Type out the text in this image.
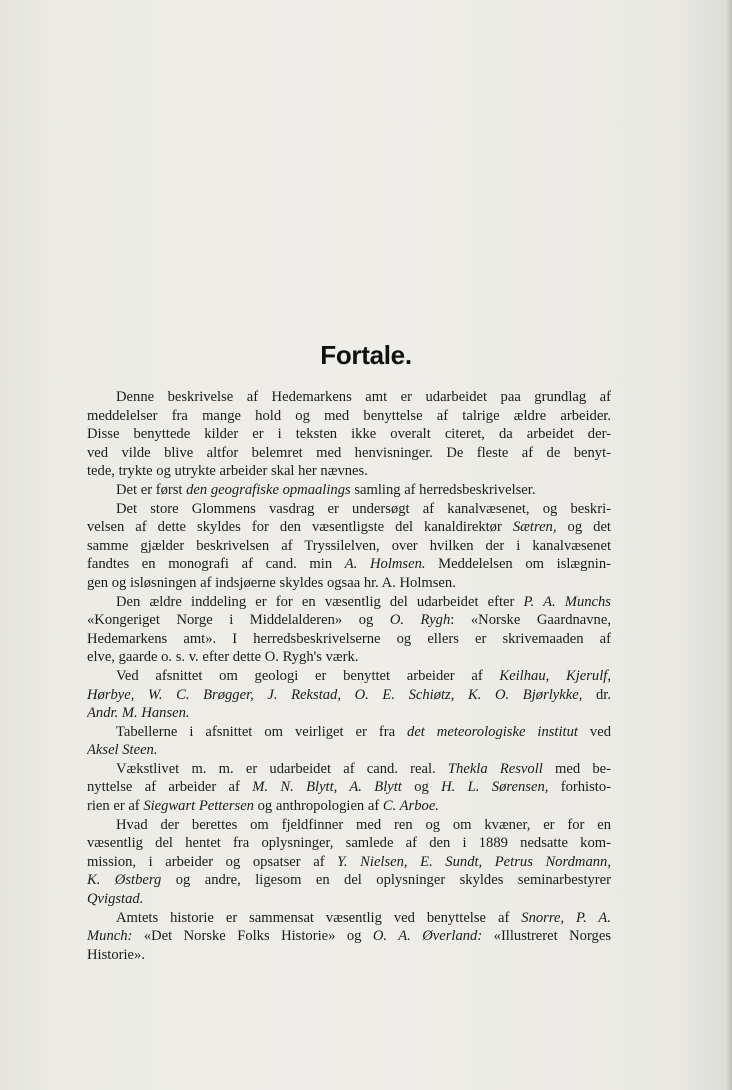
Fortale.
Denne beskrivelse af Hedemarkens amt er udarbeidet paa grundlag af
meddelelser fra mange hold og med benyttelse af talrige ældre arbeider.
Disse benyttede kilder er i teksten ikke overalt citeret, da arbeidet der-
ved vilde blive altfor belemret med henvisninger. De fleste af de benyt-
tede, trykte og utrykte arbeider skal her nævnes.
Det er først den geografiske opmaalings samling af herredsbeskrivelser.
Det store Glommens vasdrag er undersøgt af kanalvæsenet, og beskri-
velsen af dette skyldes for den væsentligste del kanaldirektør Sætren, og det
samme gjælder beskrivelsen af Tryssilelven, over hvilken der i kanalvæsenet
fandtes en monografi af cand. min A. Holmsen. Meddelelsen om islægnin-
gen og isløsningen af indsjøerne skyldes ogsaa hr. A. Holmsen.
Den ældre inddeling er for en væsentlig del udarbeidet efter P. A. Munchs
«Kongeriget Norge i Middelalderen» og O. Rygh: «Norske Gaardnavne,
Hedemarkens amt». I herredsbeskrivelserne og ellers er skrivemaaden af
elve, gaarde o. s. v. efter dette O. Rygh's værk.
Ved afsnittet om geologi er benyttet arbeider af Keilhau, Kjerulf,
Hørbye, W. C. Brøgger, J. Rekstad, O. E. Schiøtz, K. O. Bjørlykke, dr.
Andr. M. Hansen.
Tabellerne i afsnittet om veirliget er fra det meteorologiske institut ved
Aksel Steen.
Vækstlivet m. m. er udarbeidet af cand. real. Thekla Resvoll med be-
nyttelse af arbeider af M. N. Blytt, A. Blytt og H. L. Sørensen, forhisto-
rien er af Siegwart Pettersen og anthropologien af C. Arboe.
Hvad der berettes om fjeldfinner med ren og om kvæner, er for en
væsentlig del hentet fra oplysninger, samlede af den i 1889 nedsatte kom-
mission, i arbeider og opsatser af Y. Nielsen, E. Sundt, Petrus Nordmann,
K. Østberg og andre, ligesom en del oplysninger skyldes seminarbestyrer
Qvigstad.
Amtets historie er sammensat væsentlig ved benyttelse af Snorre, P. A.
Munch: «Det Norske Folks Historie» og O. A. Øverland: «Illustreret Norges
Historie».
